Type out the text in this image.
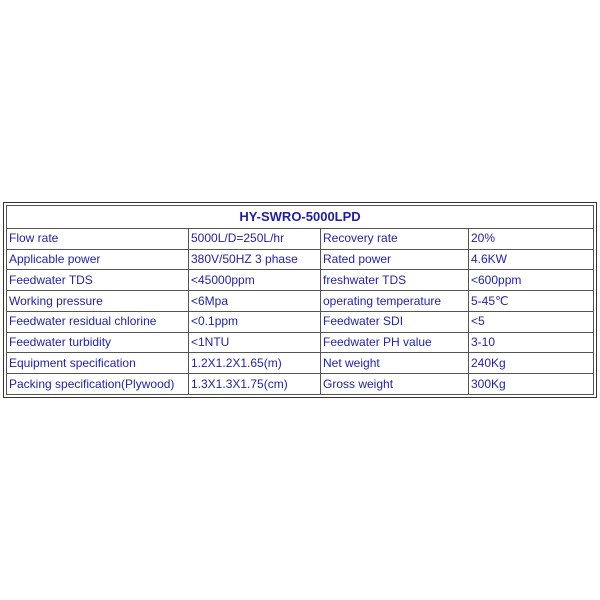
HY-SWRO-5000LPD			
Flow rate	5000L/D=250L/hr	Recovery rate	20%
Applicable power	380V/50HZ 3 phase	Rated power	4.6KW
Feedwater TDS	<45000ppm	freshwater TDS	<600ppm
Working pressure	<6Mpa	operating temperature	5-45℃
Feedwater residual chlorine	<0.1ppm	Feedwater SDI	<5
Feedwater turbidity	<1NTU	Feedwater PH value	3-10
Equipment specification	1.2X1.2X1.65(m)	Net weight	240Kg
Packing specification(Plywood)	1.3X1.3X1.75(cm)	Gross weight	300Kg
